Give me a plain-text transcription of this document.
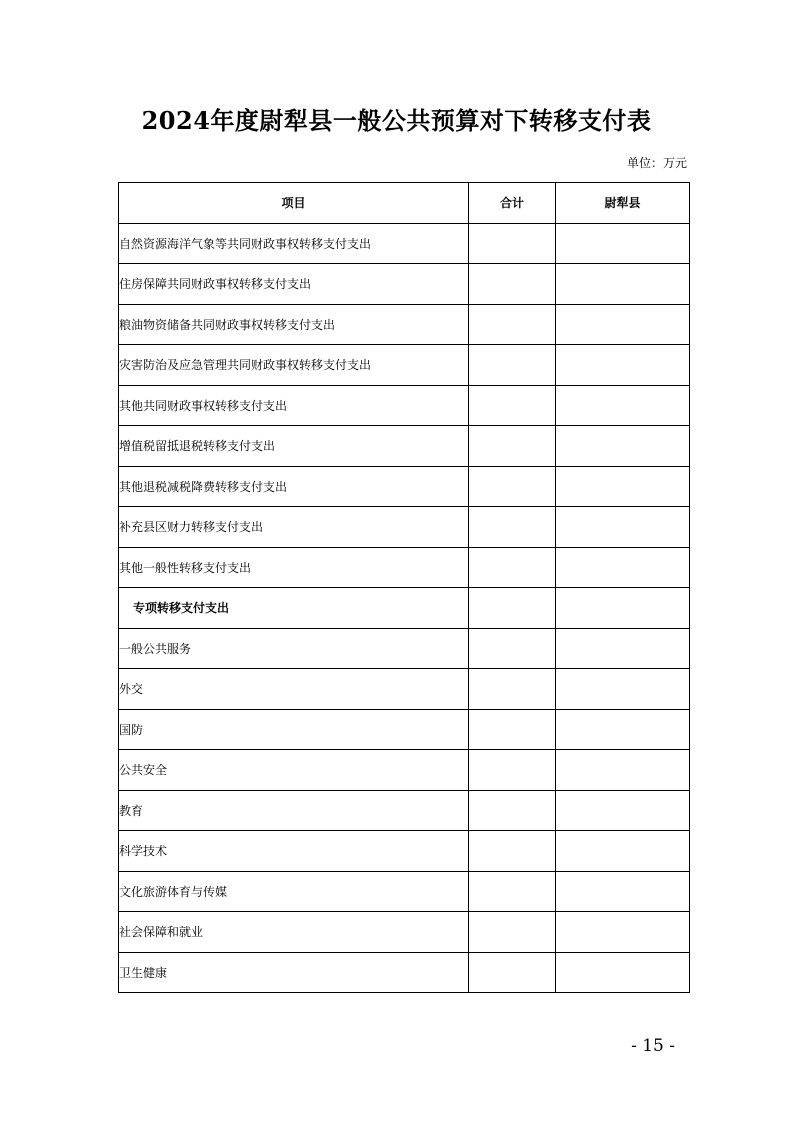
2024年度尉犁县一般公共预算对下转移支付表
单位：万元
项目	合计	尉犁县
自然资源海洋气象等共同财政事权转移支付支出		
住房保障共同财政事权转移支付支出		
粮油物资储备共同财政事权转移支付支出		
灾害防治及应急管理共同财政事权转移支付支出		
其他共同财政事权转移支付支出		
增值税留抵退税转移支付支出		
其他退税减税降费转移支付支出		
补充县区财力转移支付支出		
其他一般性转移支付支出		
专项转移支付支出		
一般公共服务		
外交		
国防		
公共安全		
教育		
科学技术		
文化旅游体育与传媒		
社会保障和就业		
卫生健康		
- 15 -
